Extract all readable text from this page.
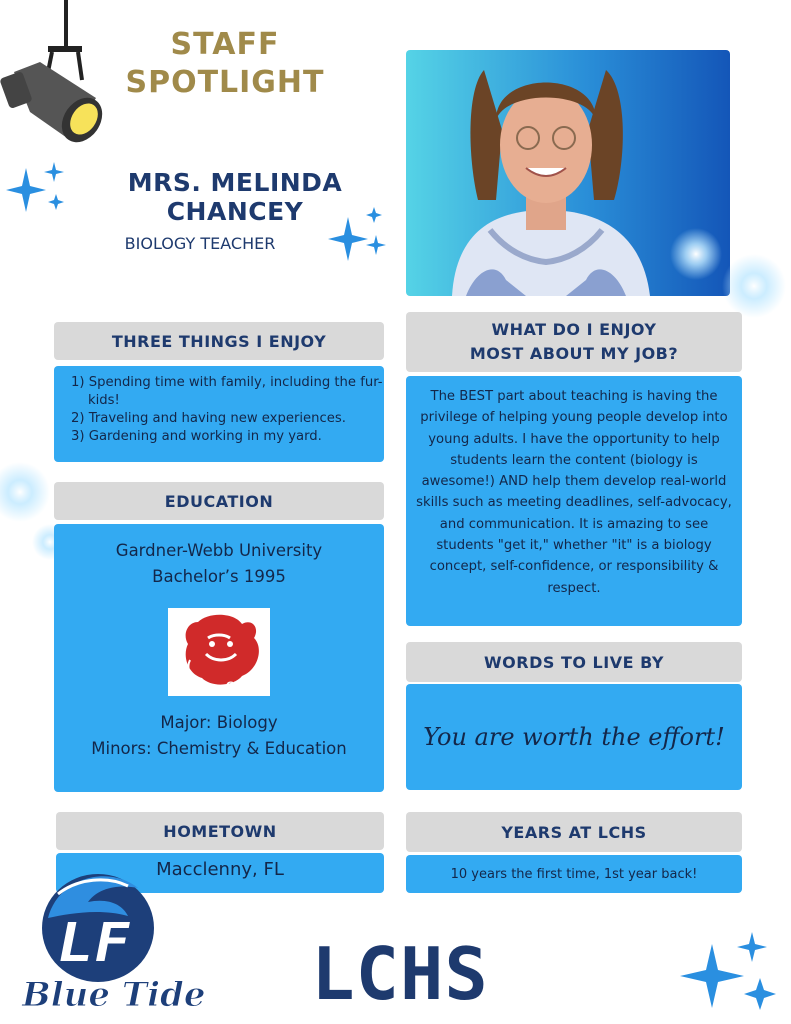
STAFF
SPOTLIGHT
MRS. MELINDA CHANCEY
BIOLOGY TEACHER
THREE THINGS I ENJOY
1) Spending time with family, including the fur-kids!
2) Traveling and having new experiences.
3) Gardening and working in my yard.
EDUCATION
Gardner-Webb University
Bachelor’s 1995
GW
Major: Biology
Minors: Chemistry & Education
HOMETOWN
Macclenny, FL
WHAT DO I ENJOY
MOST ABOUT MY JOB?
The BEST part about teaching is having the privilege of helping young people develop into young adults. I have the opportunity to help students learn the content (biology is awesome!) AND help them develop real-world skills such as meeting deadlines, self-advocacy, and communication. It is amazing to see students "get it," whether "it" is a biology concept, self-confidence, or responsibility & respect.
WORDS TO LIVE BY
You are worth the effort!
YEARS AT LCHS
10 years the first time, 1st year back!
LF
Blue Tide LCHS
